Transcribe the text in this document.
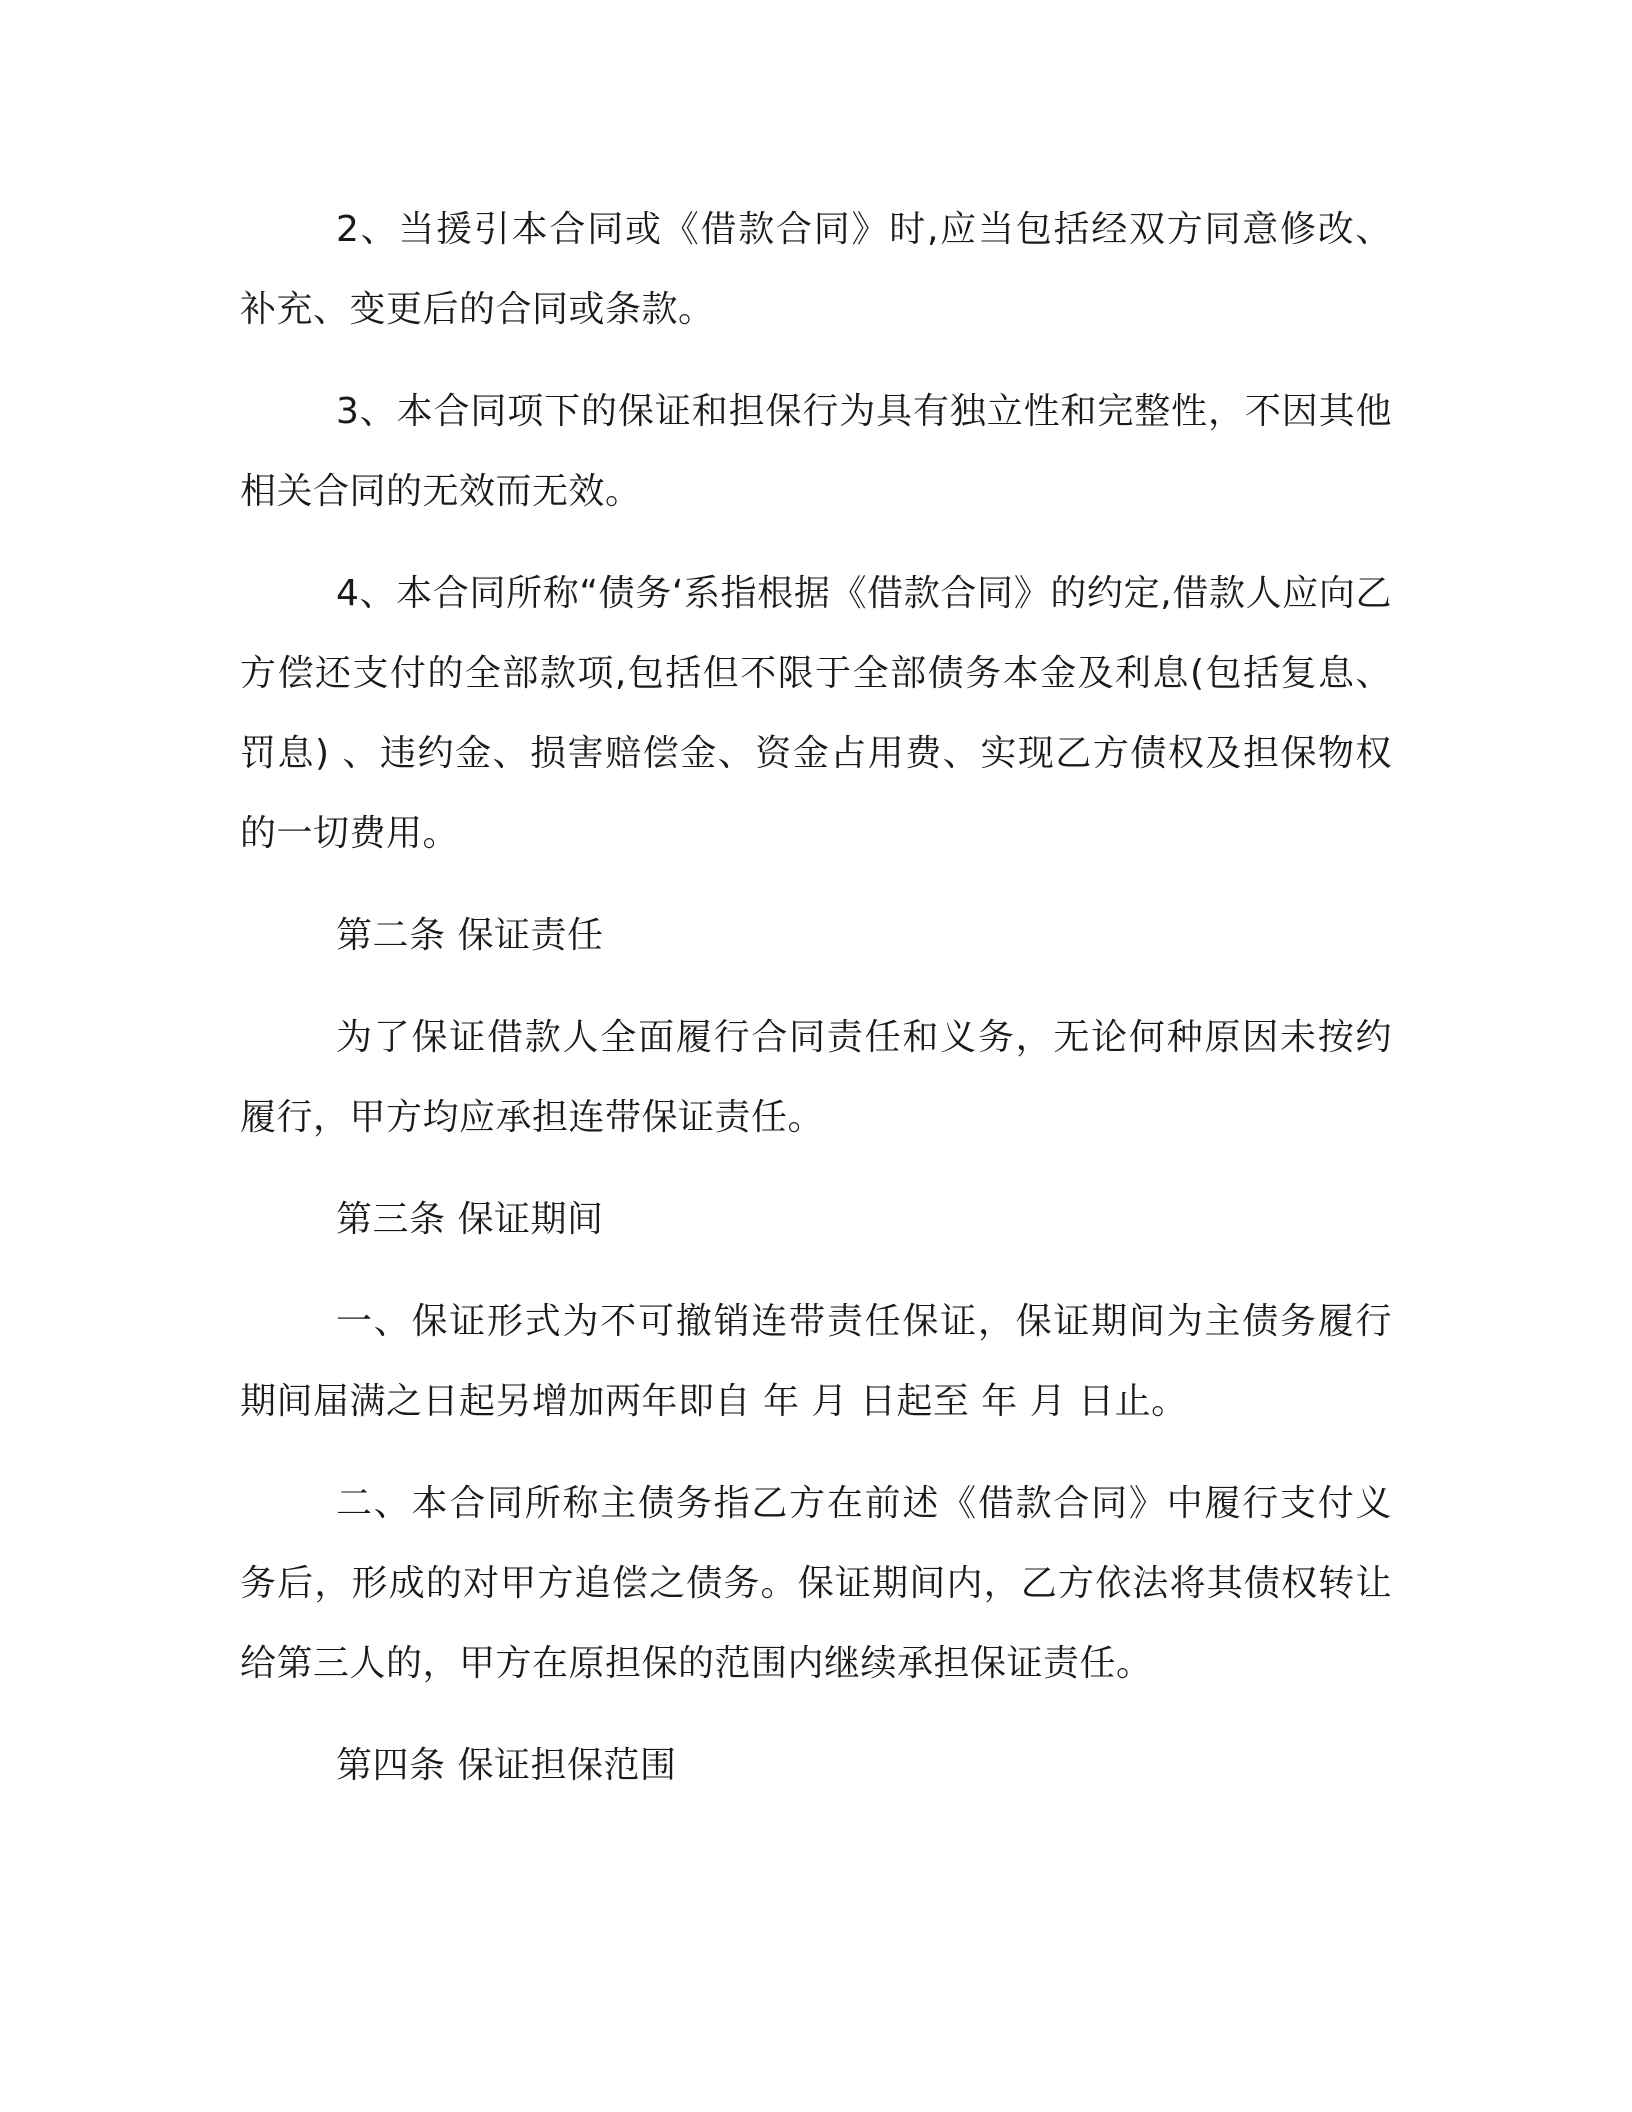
2、当援引本合同或《借款合同》时,应当包括经双方同意修改、补充、变更后的合同或条款。

3、本合同项下的保证和担保行为具有独立性和完整性，不因其他相关合同的无效而无效。

4、本合同所称“债务‘系指根据《借款合同》的约定,借款人应向乙方偿还支付的全部款项,包括但不限于全部债务本金及利息(包括复息、罚息) 、违约金、损害赔偿金、资金占用费、实现乙方债权及担保物权的一切费用。

第二条 保证责任

为了保证借款人全面履行合同责任和义务，无论何种原因未按约履行，甲方均应承担连带保证责任。

第三条 保证期间

一、保证形式为不可撤销连带责任保证，保证期间为主债务履行期间届满之日起另增加两年即自 年 月 日起至 年 月 日止。

二、本合同所称主债务指乙方在前述《借款合同》中履行支付义务后，形成的对甲方追偿之债务。保证期间内，乙方依法将其债权转让给第三人的，甲方在原担保的范围内继续承担保证责任。

第四条 保证担保范围
